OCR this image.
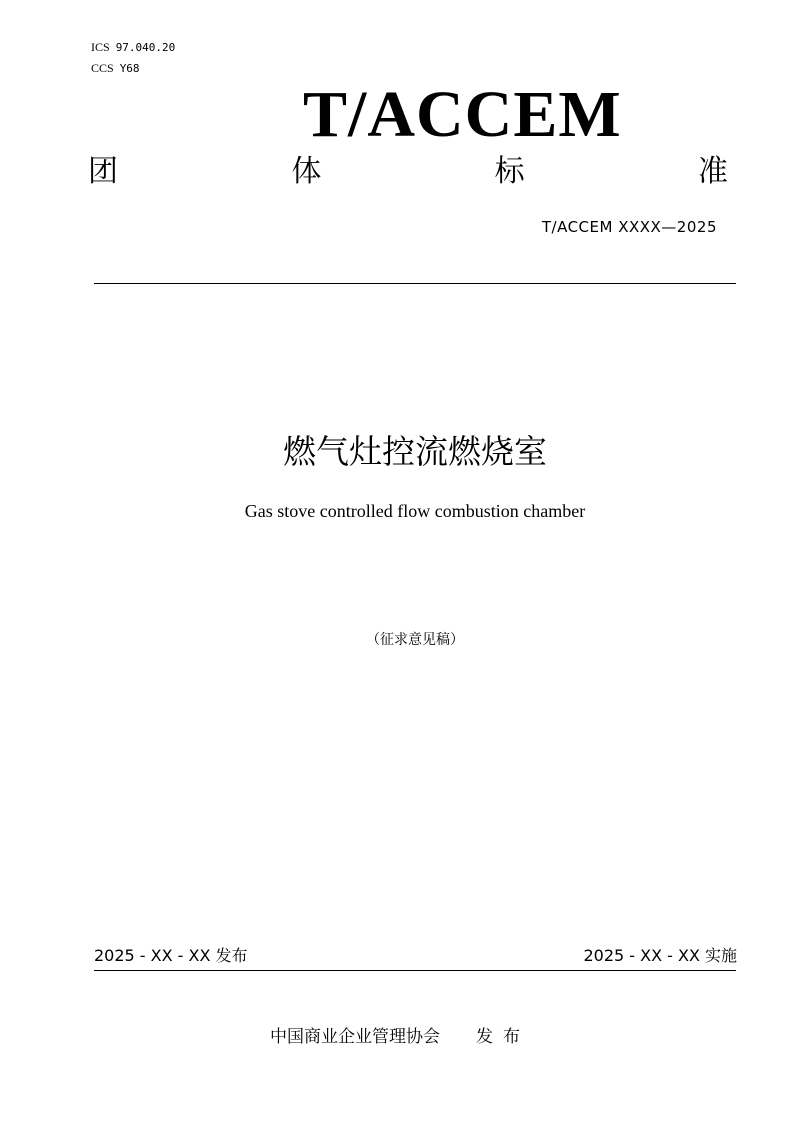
ICS 97.040.20
CCS Y68
T/ACCEM
团	体	标	准
T/ACCEM XXXX—2025
燃气灶控流燃烧室
Gas stove controlled flow combustion chamber
（征求意见稿）
2025 - XX - XX 发布	2025 - XX - XX 实施
中国商业企业管理协会 发布
